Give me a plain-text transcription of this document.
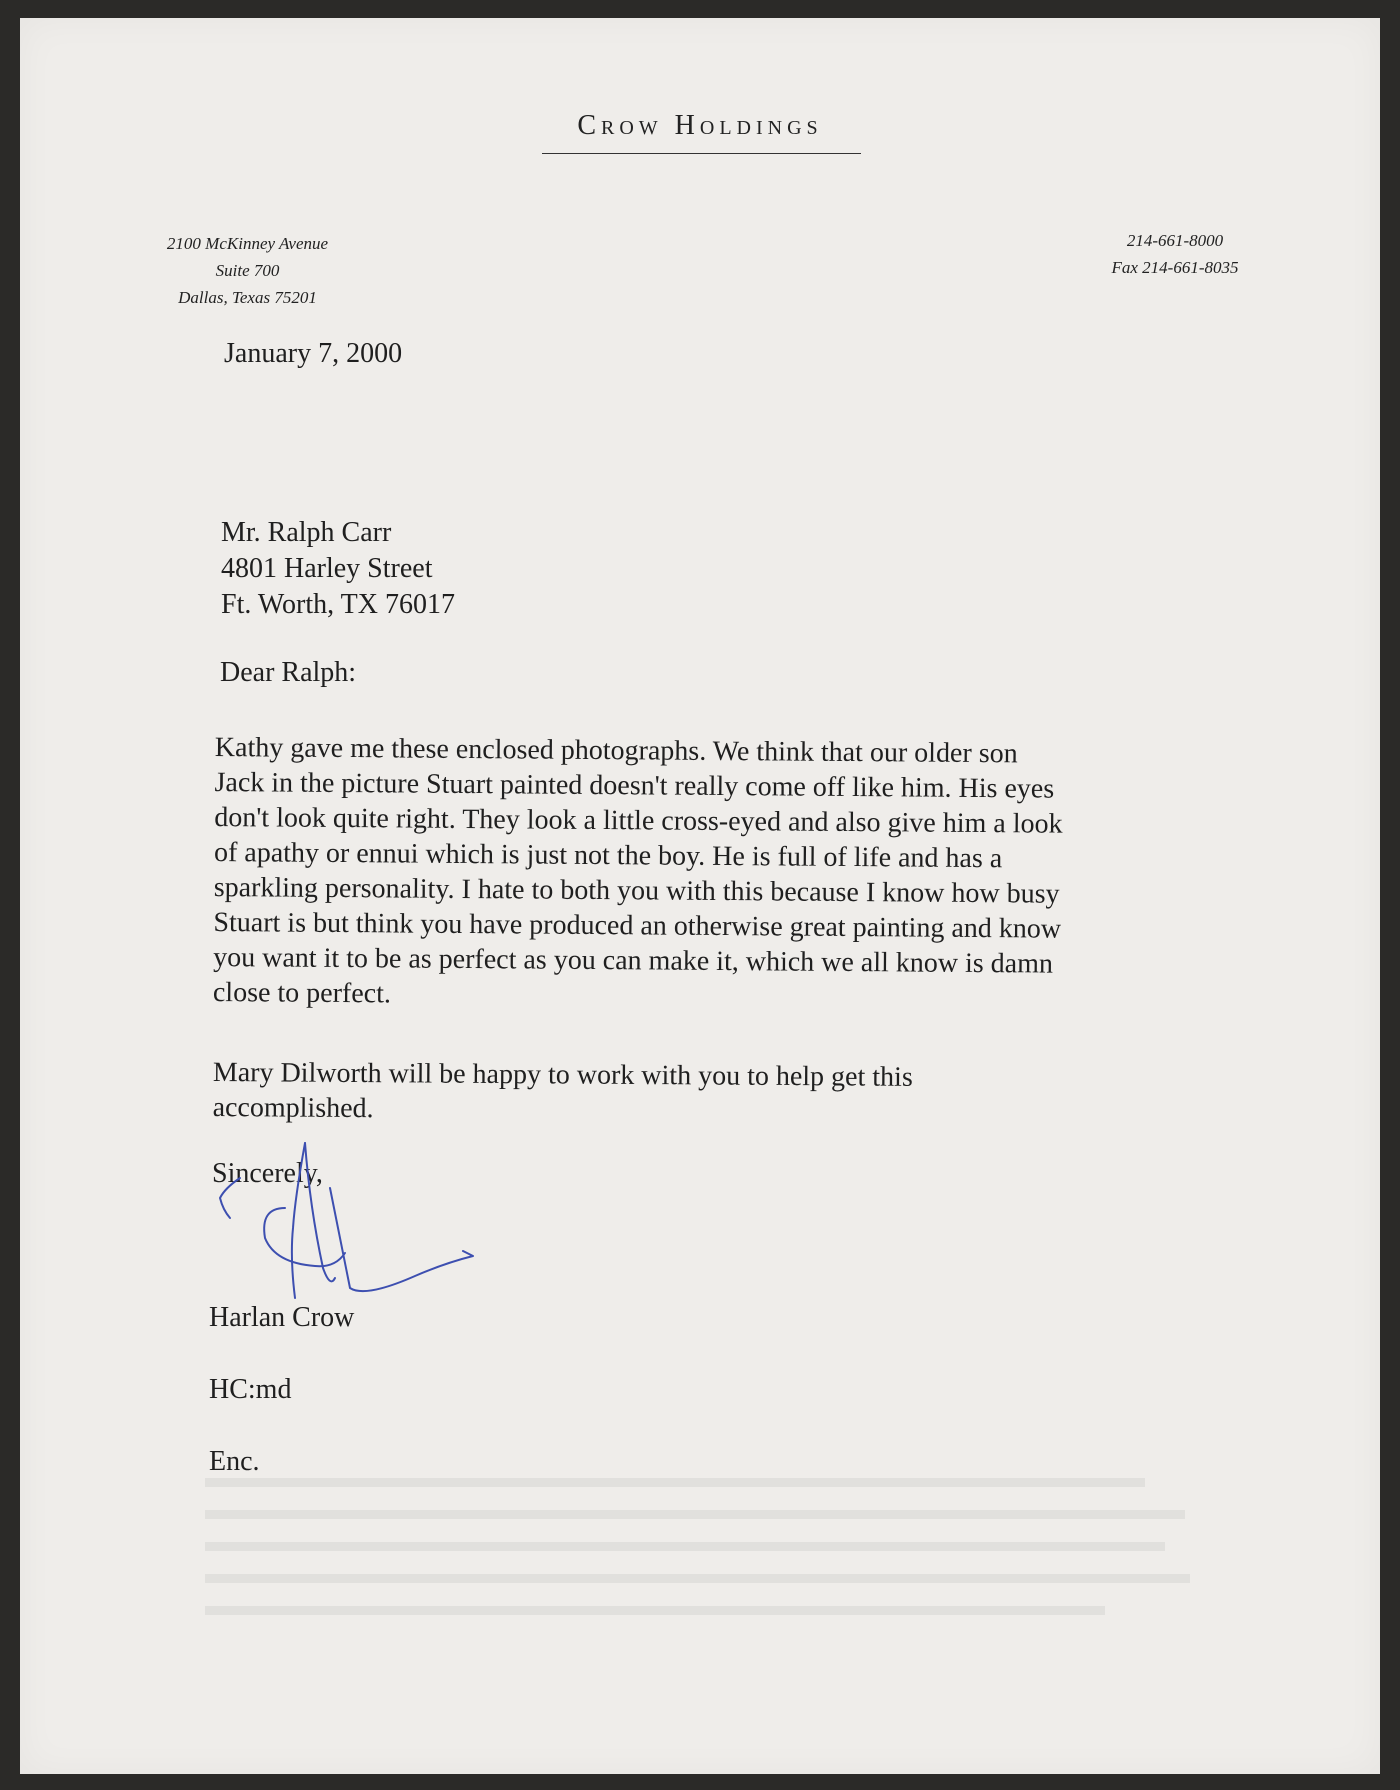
Crow Holdings
2100 McKinney Avenue
Suite 700
Dallas, Texas 75201
214-661-8000
Fax 214-661-8035
January 7, 2000
Mr. Ralph Carr
4801 Harley Street
Ft. Worth, TX 76017
Dear Ralph:
Kathy gave me these enclosed photographs. We think that our older son
Jack in the picture Stuart painted doesn't really come off like him. His eyes
don't look quite right. They look a little cross-eyed and also give him a look
of apathy or ennui which is just not the boy. He is full of life and has a
sparkling personality. I hate to both you with this because I know how busy
Stuart is but think you have produced an otherwise great painting and know
you want it to be as perfect as you can make it, which we all know is damn
close to perfect.
Mary Dilworth will be happy to work with you to help get this
accomplished.
Sincerely,
Harlan Crow
HC:md
Enc.
